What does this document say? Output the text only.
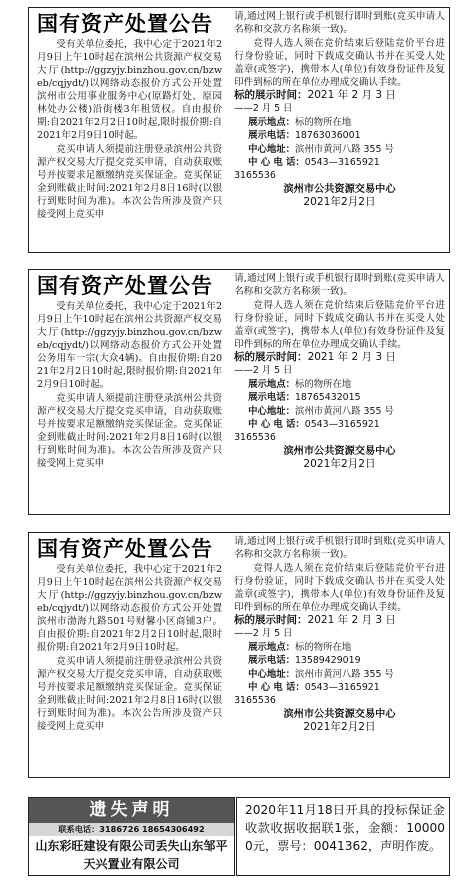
国有资产处置公告

受有关单位委托，我中心定于2021年2月9日上午10时起在滨州公共资源产权交易大厅(http://ggzyjy.binzhou.gov.cn/bzweb/cqjydt/)以网络动态报价方式公开处置滨州市公用事业服务中心(原路灯处、原园林处办公楼)沿街楼3年租赁权。自由报价期:自2021年2月2日10时起,限时报价期:自2021年2月9日10时起。

竞买申请人须提前注册登录滨州公共资源产权交易大厅提交竞买申请，自动获取账号并按要求足额缴纳竞买保证金。竞买保证金到账截止时间:2021年2月8日16时(以银行到账时间为准)。本次公告所涉及资产只接受网上竞买申

请,通过网上银行或手机银行即时到账(竞买申请人名称和交款方名称须一致)。

竞得人选人须在竞价结束后登陆竞价平台进行身份验证，同时下载成交确认书并在买受人处盖章(或签字)，携带本人(单位)有效身份证件及复印件到标的所在单位办理成交确认手续。

标的展示时间：2021 年 2 月 3 日
——2 月 5 日
展示地点：标的物所在地
展示电话：18763036001
中心地址：滨州市黄河八路 355 号
中 心 电 话：0543—3165921
3165536
滨州市公共资源交易中心
2021年2月2日
国有资产处置公告

受有关单位委托，我中心定于2021年2月9日上午10时起在滨州公共资源产权交易大厅(http://ggzyjy.binzhou.gov.cn/bzweb/cqjydt/)以网络动态报价方式公开处置公务用车一宗(大众4辆)。自由报价期:自2021年2月2日10时起,限时报价期:自2021年2月9日10时起。

竞买申请人须提前注册登录滨州公共资源产权交易大厅提交竞买申请，自动获取账号并按要求足额缴纳竞买保证金。竞买保证金到账截止时间:2021年2月8日16时(以银行到账时间为准)。本次公告所涉及资产只接受网上竞买申

请,通过网上银行或手机银行即时到账(竞买申请人名称和交款方名称须一致)。

竞得人选人须在竞价结束后登陆竞价平台进行身份验证，同时下载成交确认书并在买受人处盖章(或签字)，携带本人(单位)有效身份证件及复印件到标的所在单位办理成交确认手续。

标的展示时间：2021 年 2 月 3 日
——2 月 5 日
展示地点：标的物所在地
展示电话：18765432015
中心地址：滨州市黄河八路 355 号
中 心 电 话：0543—3165921
3165536
滨州市公共资源交易中心
2021年2月2日
国有资产处置公告

受有关单位委托，我中心定于2021年2月9日上午10时起在滨州公共资源产权交易大厅(http://ggzyjy.binzhou.gov.cn/bzweb/cqjydt/)以网络动态报价方式公开处置滨州市渤海九路501号财馨小区商铺3户。自由报价期:自2021年2月2日10时起,限时报价期:自2021年2月9日10时起。

竞买申请人须提前注册登录滨州公共资源产权交易大厅提交竞买申请，自动获取账号并按要求足额缴纳竞买保证金。竞买保证金到账截止时间:2021年2月8日16时(以银行到账时间为准)。本次公告所涉及资产只接受网上竞买申

请,通过网上银行或手机银行即时到账(竞买申请人名称和交款方名称须一致)。

竞得人选人须在竞价结束后登陆竞价平台进行身份验证，同时下载成交确认书并在买受人处盖章(或签字)，携带本人(单位)有效身份证件及复印件到标的所在单位办理成交确认手续。

标的展示时间：2021 年 2 月 3 日
——2 月 5 日
展示地点：标的物所在地
展示电话：13589429019
中心地址：滨州市黄河八路 355 号
中 心 电 话：0543—3165921
3165536
滨州市公共资源交易中心
2021年2月2日
遗失声明
联系电话：3186726 18654306492
山东彩旺建设有限公司丢失山东邹平天兴置业有限公司
2020年11月18日开具的投标保证金收款收据收据联1张，金额：100000元，票号：0041362，声明作废。
